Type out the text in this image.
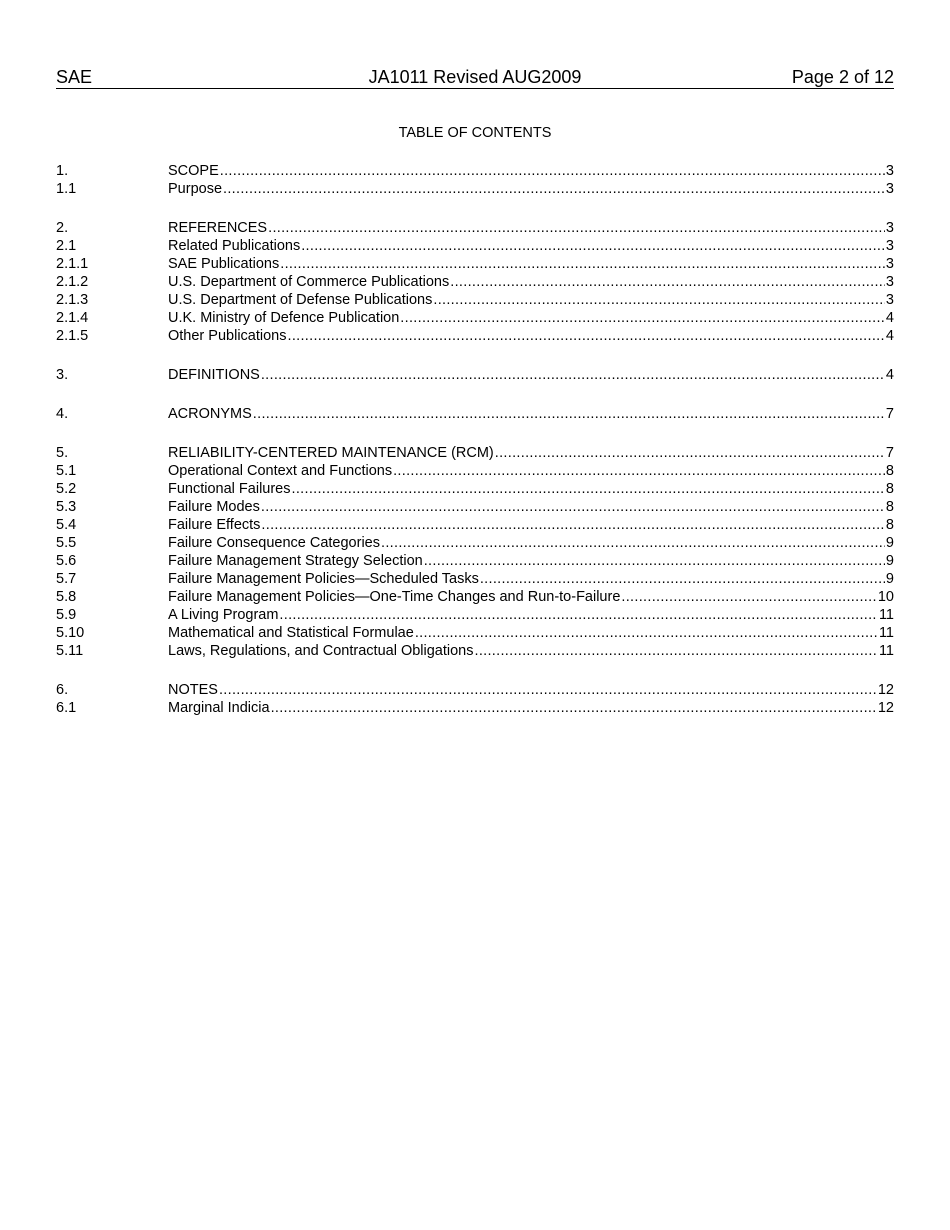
SAE	JA1011 Revised AUG2009	Page 2 of 12
TABLE OF CONTENTS
1.	SCOPE .....	3
1.1	Purpose .....	3
2.	REFERENCES .....	3
2.1	Related Publications .....	3
2.1.1	SAE Publications .....	3
2.1.2	U.S. Department of Commerce Publications .....	3
2.1.3	U.S. Department of Defense Publications .....	3
2.1.4	U.K. Ministry of Defence Publication .....	4
2.1.5	Other Publications .....	4
3.	DEFINITIONS .....	4
4.	ACRONYMS .....	7
5.	RELIABILITY-CENTERED MAINTENANCE (RCM) .....	7
5.1	Operational Context and Functions .....	8
5.2	Functional Failures .....	8
5.3	Failure Modes .....	8
5.4	Failure Effects .....	8
5.5	Failure Consequence Categories .....	9
5.6	Failure Management Strategy Selection .....	9
5.7	Failure Management Policies—Scheduled Tasks .....	9
5.8	Failure Management Policies—One-Time Changes and Run-to-Failure .....	10
5.9	A Living Program .....	11
5.10	Mathematical and Statistical Formulae .....	11
5.11	Laws, Regulations, and Contractual Obligations .....	11
6.	NOTES .....	12
6.1	Marginal Indicia .....	12
